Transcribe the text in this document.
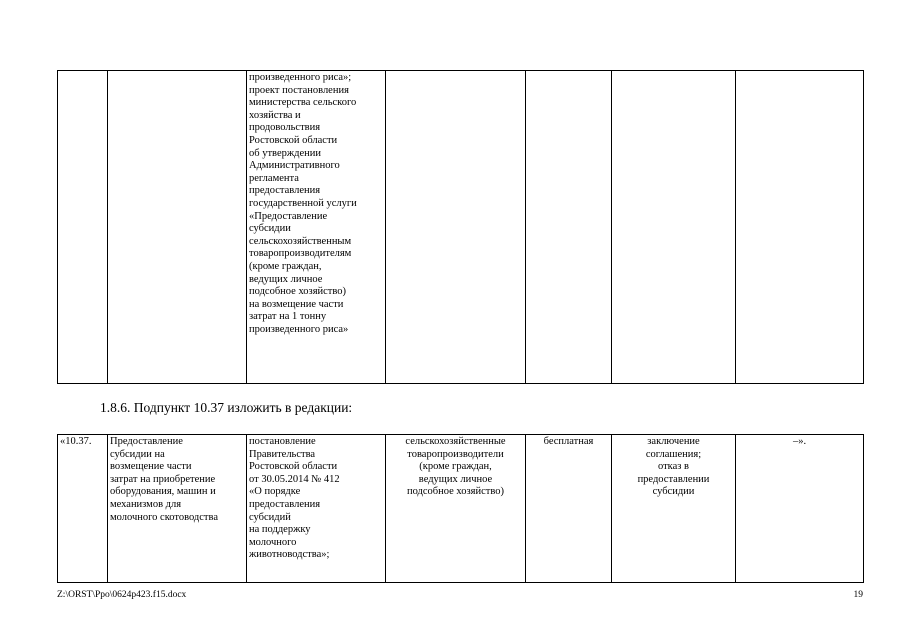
		произведенного риса»;
проект постановления
министерства сельского
хозяйства и
продовольствия
Ростовской области
об утверждении
Административного
регламента
предоставления
государственной услуги
«Предоставление
субсидии
сельскохозяйственным
товаропроизводителям
(кроме граждан,
ведущих личное
подсобное хозяйство)
на возмещение части
затрат на 1 тонну
произведенного риса»				
1.8.6. Подпункт 10.37 изложить в редакции:
«10.37.	Предоставление
субсидии на
возмещение части
затрат на приобретение
оборудования, машин и
механизмов для
молочного скотоводства	постановление
Правительства
Ростовской области
от 30.05.2014 № 412
«О порядке
предоставления
субсидий
на поддержку
молочного
животноводства»;	сельскохозяйственные
товаропроизводители
(кроме граждан,
ведущих личное
подсобное хозяйство)	бесплатная	заключение
соглашения;
отказ в
предоставлении
субсидии	–».
Z:\ORST\Ppo\0624p423.f15.docx	19
